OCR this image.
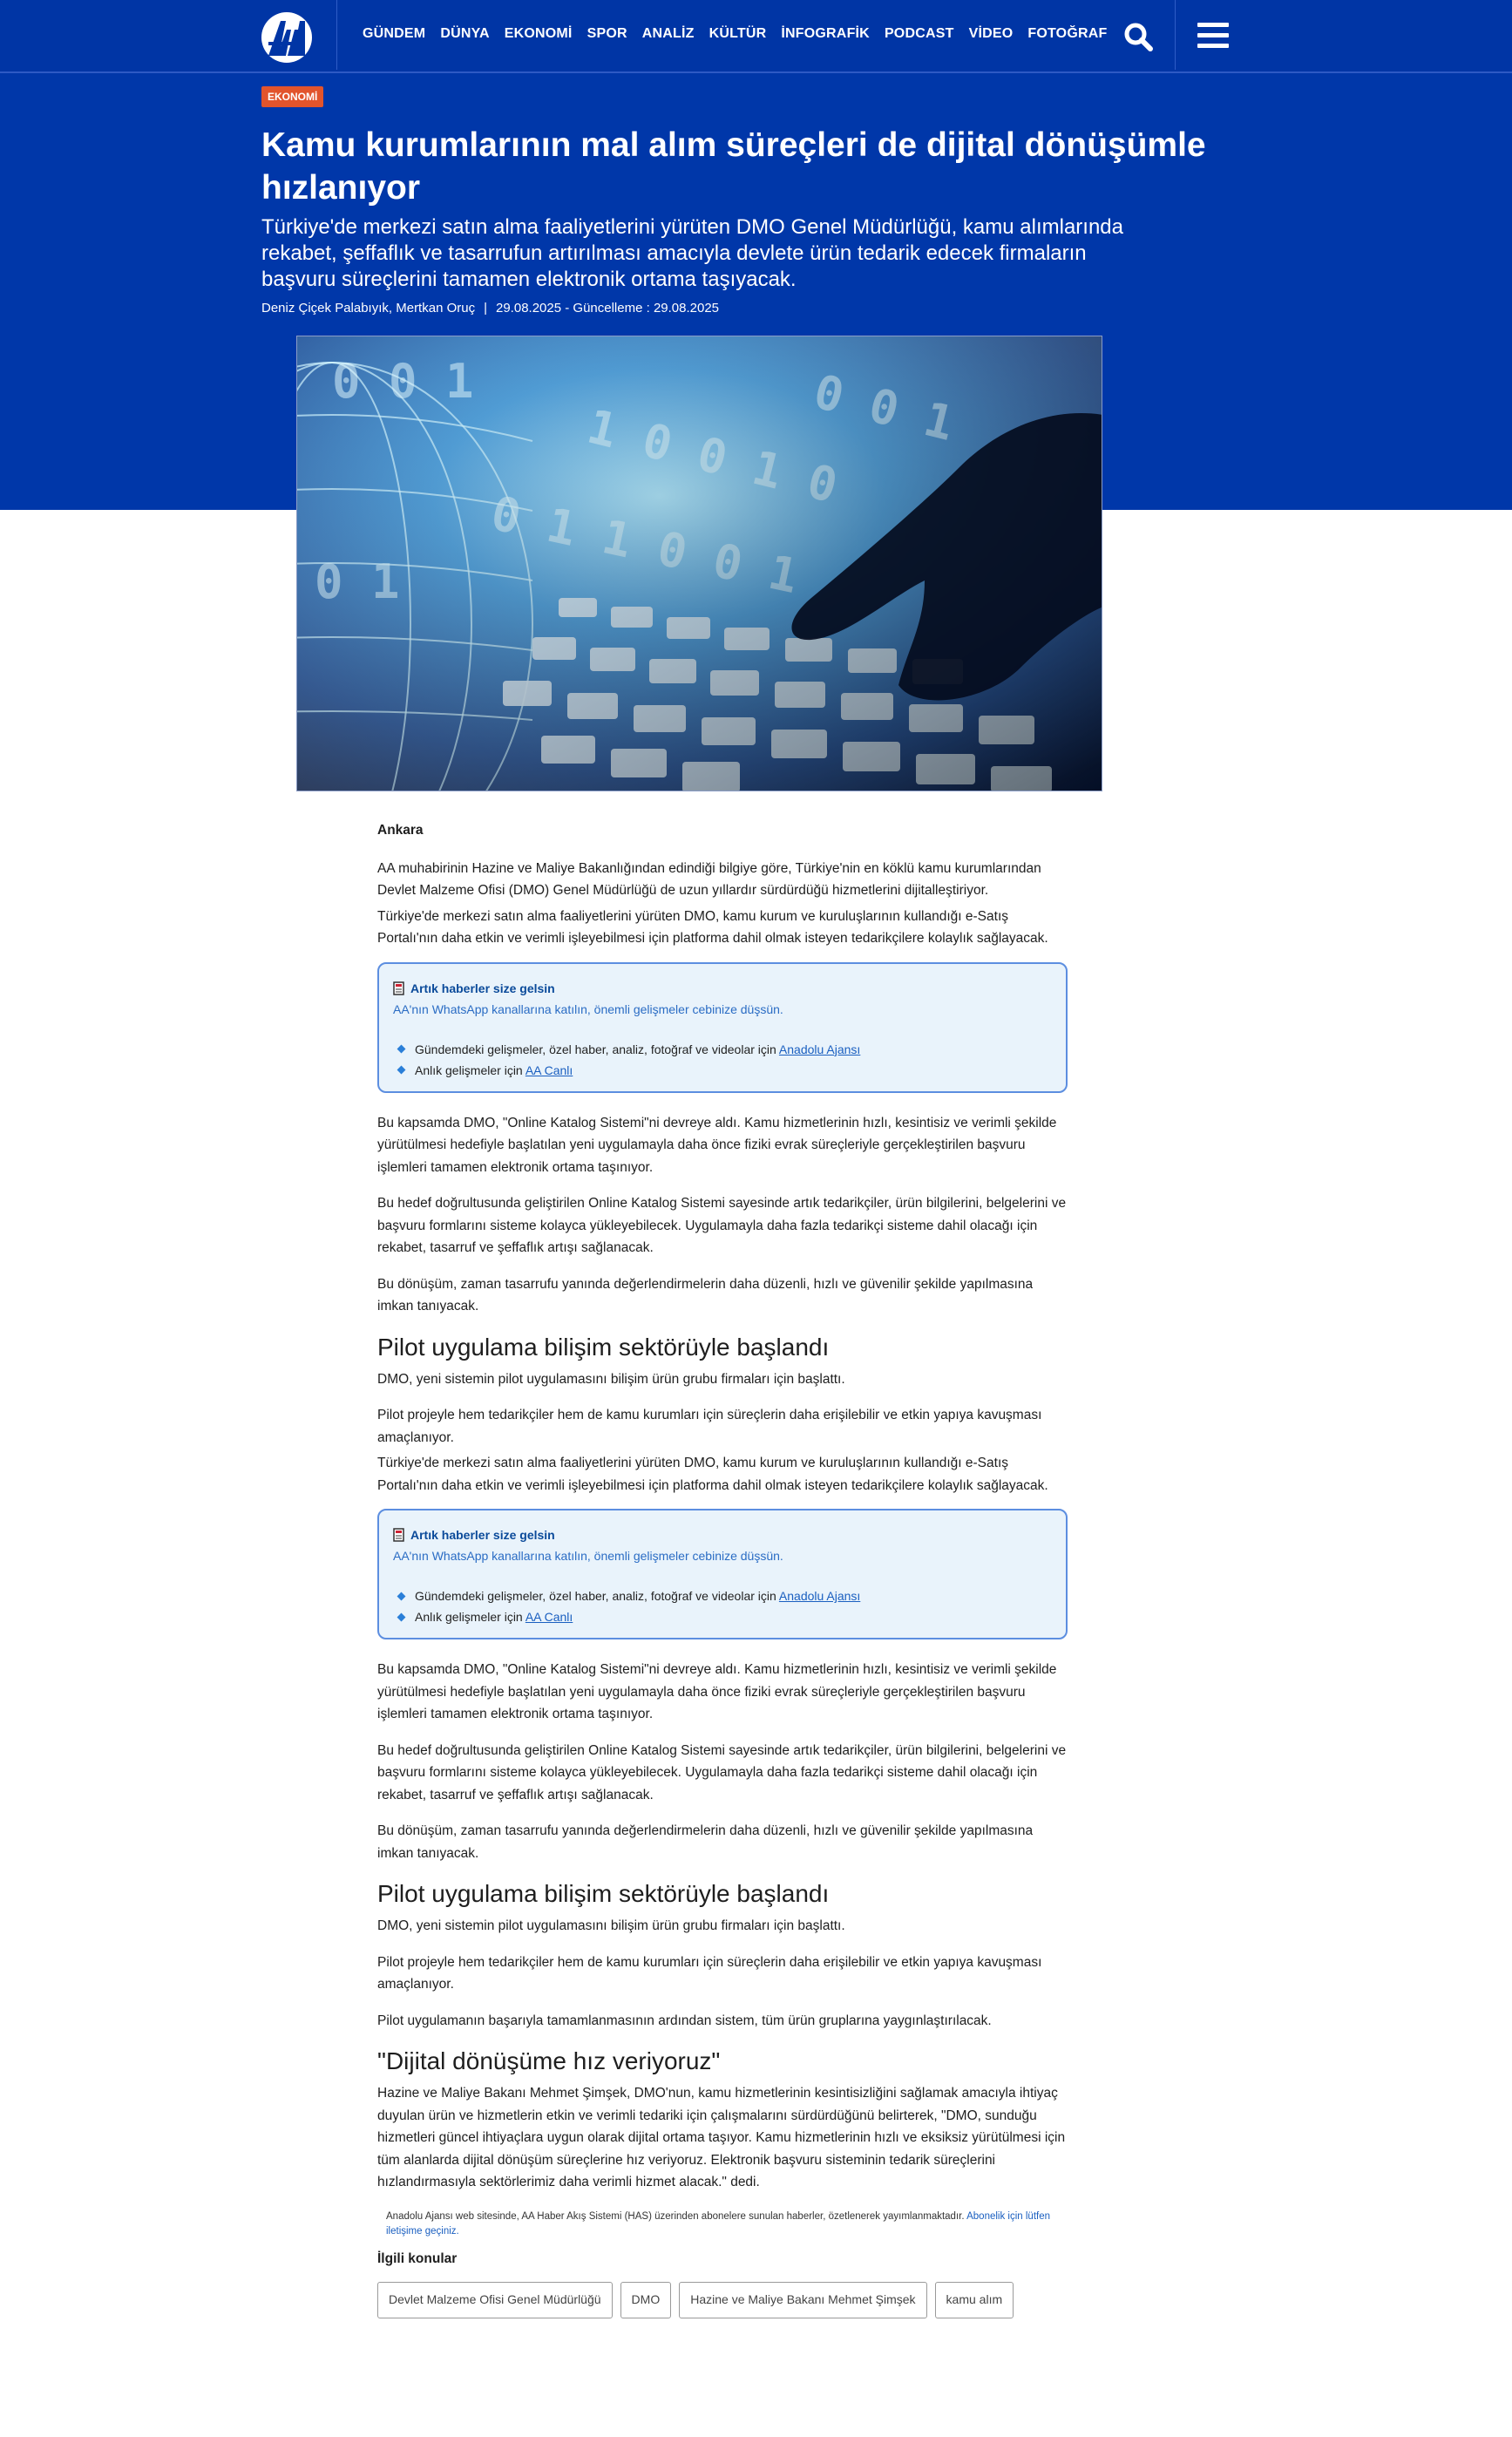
GÜNDEM DÜNYA EKONOMİ SPOR ANALİZ KÜLTÜR İNFOGRAFİK PODCAST VİDEO FOTOĞRAF
EKONOMİ
Kamu kurumlarının mal alım süreçleri de dijital dönüşümle hızlanıyor

Türkiye'de merkezi satın alma faaliyetlerini yürüten DMO Genel Müdürlüğü, kamu alımlarında rekabet, şeffaflık ve tasarrufun artırılması amacıyla devlete ürün tedarik edecek firmaların başvuru süreçlerini tamamen elektronik ortama taşıyacak.

Deniz Çiçek Palabıyık, Mertkan Oruç | 29.08.2025 - Güncelleme : 29.08.2025

Ankara

AA muhabirinin Hazine ve Maliye Bakanlığından edindiği bilgiye göre, Türkiye'nin en köklü kamu kurumlarından Devlet Malzeme Ofisi (DMO) Genel Müdürlüğü de uzun yıllardır sürdürdüğü hizmetlerini dijitalleştiriyor.

Türkiye'de merkezi satın alma faaliyetlerini yürüten DMO, kamu kurum ve kuruluşlarının kullandığı e-Satış Portalı'nın daha etkin ve verimli işleyebilmesi için platforma dahil olmak isteyen tedarikçilere kolaylık sağlayacak.

Artık haberler size gelsin
AA'nın WhatsApp kanallarına katılın, önemli gelişmeler cebinize düşsün.
Gündemdeki gelişmeler, özel haber, analiz, fotoğraf ve videolar için Anadolu Ajansı
Anlık gelişmeler için AA Canlı

Bu kapsamda DMO, "Online Katalog Sistemi"ni devreye aldı. Kamu hizmetlerinin hızlı, kesintisiz ve verimli şekilde yürütülmesi hedefiyle başlatılan yeni uygulamayla daha önce fiziki evrak süreçleriyle gerçekleştirilen başvuru işlemleri tamamen elektronik ortama taşınıyor.

Bu hedef doğrultusunda geliştirilen Online Katalog Sistemi sayesinde artık tedarikçiler, ürün bilgilerini, belgelerini ve başvuru formlarını sisteme kolayca yükleyebilecek. Uygulamayla daha fazla tedarikçi sisteme dahil olacağı için rekabet, tasarruf ve şeffaflık artışı sağlanacak.

Bu dönüşüm, zaman tasarrufu yanında değerlendirmelerin daha düzenli, hızlı ve güvenilir şekilde yapılmasına imkan tanıyacak.

Pilot uygulama bilişim sektörüyle başlandı

DMO, yeni sistemin pilot uygulamasını bilişim ürün grubu firmaları için başlattı.

Pilot projeyle hem tedarikçiler hem de kamu kurumları için süreçlerin daha erişilebilir ve etkin yapıya kavuşması amaçlanıyor.

Türkiye'de merkezi satın alma faaliyetlerini yürüten DMO, kamu kurum ve kuruluşlarının kullandığı e-Satış Portalı'nın daha etkin ve verimli işleyebilmesi için platforma dahil olmak isteyen tedarikçilere kolaylık sağlayacak.

Artık haberler size gelsin
AA'nın WhatsApp kanallarına katılın, önemli gelişmeler cebinize düşsün.
Gündemdeki gelişmeler, özel haber, analiz, fotoğraf ve videolar için Anadolu Ajansı
Anlık gelişmeler için AA Canlı

Bu kapsamda DMO, "Online Katalog Sistemi"ni devreye aldı. Kamu hizmetlerinin hızlı, kesintisiz ve verimli şekilde yürütülmesi hedefiyle başlatılan yeni uygulamayla daha önce fiziki evrak süreçleriyle gerçekleştirilen başvuru işlemleri tamamen elektronik ortama taşınıyor.

Bu hedef doğrultusunda geliştirilen Online Katalog Sistemi sayesinde artık tedarikçiler, ürün bilgilerini, belgelerini ve başvuru formlarını sisteme kolayca yükleyebilecek. Uygulamayla daha fazla tedarikçi sisteme dahil olacağı için rekabet, tasarruf ve şeffaflık artışı sağlanacak.

Bu dönüşüm, zaman tasarrufu yanında değerlendirmelerin daha düzenli, hızlı ve güvenilir şekilde yapılmasına imkan tanıyacak.

Pilot uygulama bilişim sektörüyle başlandı

DMO, yeni sistemin pilot uygulamasını bilişim ürün grubu firmaları için başlattı.

Pilot projeyle hem tedarikçiler hem de kamu kurumları için süreçlerin daha erişilebilir ve etkin yapıya kavuşması amaçlanıyor.

Pilot uygulamanın başarıyla tamamlanmasının ardından sistem, tüm ürün gruplarına yaygınlaştırılacak.

"Dijital dönüşüme hız veriyoruz"

Hazine ve Maliye Bakanı Mehmet Şimşek, DMO'nun, kamu hizmetlerinin kesintisizliğini sağlamak amacıyla ihtiyaç duyulan ürün ve hizmetlerin etkin ve verimli tedariki için çalışmalarını sürdürdüğünü belirterek, "DMO, sunduğu hizmetleri güncel ihtiyaçlara uygun olarak dijital ortama taşıyor. Kamu hizmetlerinin hızlı ve eksiksiz yürütülmesi için tüm alanlarda dijital dönüşüm süreçlerine hız veriyoruz. Elektronik başvuru sisteminin tedarik süreçlerini hızlandırmasıyla sektörlerimiz daha verimli hizmet alacak." dedi.

Anadolu Ajansı web sitesinde, AA Haber Akış Sistemi (HAS) üzerinden abonelere sunulan haberler, özetlenerek yayımlanmaktadır. Abonelik için lütfen iletişime geçiniz.
İlgili konular
Devlet Malzeme Ofisi Genel Müdürlüğü	DMO	Hazine ve Maliye Bakanı Mehmet Şimşek	kamu alım
